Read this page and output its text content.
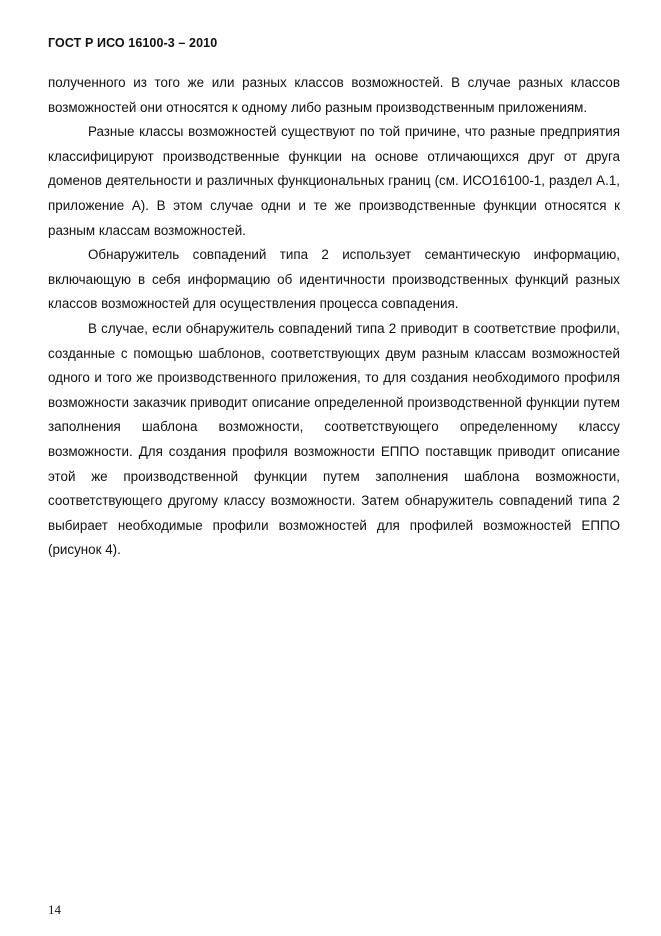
ГОСТ Р ИСО 16100-3 – 2010

полученного из того же или разных классов возможностей. В случае разных классов возможностей они относятся к одному либо разным производственным приложениям.

Разные классы возможностей существуют по той причине, что разные предприятия классифицируют производственные функции на основе отличающихся друг от друга доменов деятельности и различных функциональных границ (см. ИСО16100-1, раздел А.1, приложение А). В этом случае одни и те же производственные функции относятся к разным классам возможностей.

Обнаружитель совпадений типа 2 использует семантическую информацию, включающую в себя информацию об идентичности производственных функций разных классов возможностей для осуществления процесса совпадения.

В случае, если обнаружитель совпадений типа 2 приводит в соответствие профили, созданные с помощью шаблонов, соответствующих двум разным классам возможностей одного и того же производственного приложения, то для создания необходимого профиля возможности заказчик приводит описание определенной производственной функции путем заполнения шаблона возможности, соответствующего определенному классу возможности. Для создания профиля возможности ЕППО поставщик приводит описание этой же производственной функции путем заполнения шаблона возможности, соответствующего другому классу возможности. Затем обнаружитель совпадений типа 2 выбирает необходимые профили возможностей для профилей возможностей ЕППО (рисунок 4).

14
